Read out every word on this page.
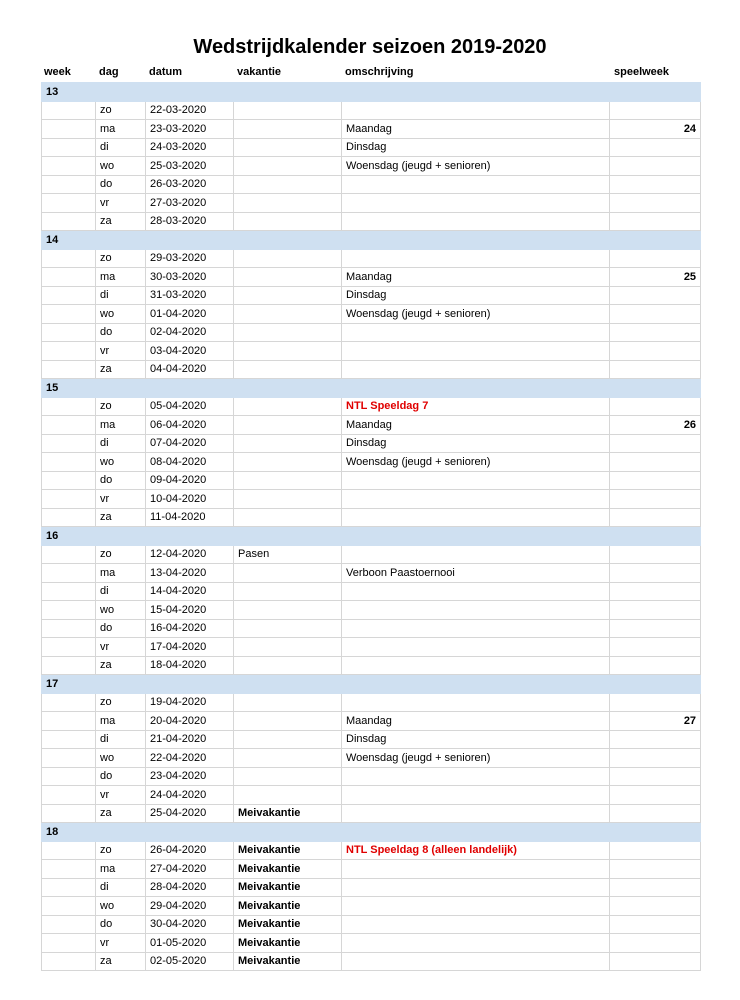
Wedstrijdkalender seizoen 2019-2020
week	dag	datum	vakantie	omschrijving	speelweek
13					
	zo	22-03-2020			
	ma	23-03-2020		Maandag	24
	di	24-03-2020		Dinsdag	
	wo	25-03-2020		Woensdag (jeugd + senioren)	
	do	26-03-2020			
	vr	27-03-2020			
	za	28-03-2020			
14					
	zo	29-03-2020			
	ma	30-03-2020		Maandag	25
	di	31-03-2020		Dinsdag	
	wo	01-04-2020		Woensdag (jeugd + senioren)	
	do	02-04-2020			
	vr	03-04-2020			
	za	04-04-2020			
15					
	zo	05-04-2020		NTL Speeldag 7	
	ma	06-04-2020		Maandag	26
	di	07-04-2020		Dinsdag	
	wo	08-04-2020		Woensdag (jeugd + senioren)	
	do	09-04-2020			
	vr	10-04-2020			
	za	11-04-2020			
16					
	zo	12-04-2020	Pasen		
	ma	13-04-2020		Verboon Paastoernooi	
	di	14-04-2020			
	wo	15-04-2020			
	do	16-04-2020			
	vr	17-04-2020			
	za	18-04-2020			
17					
	zo	19-04-2020			
	ma	20-04-2020		Maandag	27
	di	21-04-2020		Dinsdag	
	wo	22-04-2020		Woensdag (jeugd + senioren)	
	do	23-04-2020			
	vr	24-04-2020			
	za	25-04-2020	Meivakantie		
18					
	zo	26-04-2020	Meivakantie	NTL Speeldag 8 (alleen landelijk)	
	ma	27-04-2020	Meivakantie		
	di	28-04-2020	Meivakantie		
	wo	29-04-2020	Meivakantie		
	do	30-04-2020	Meivakantie		
	vr	01-05-2020	Meivakantie		
	za	02-05-2020	Meivakantie		
